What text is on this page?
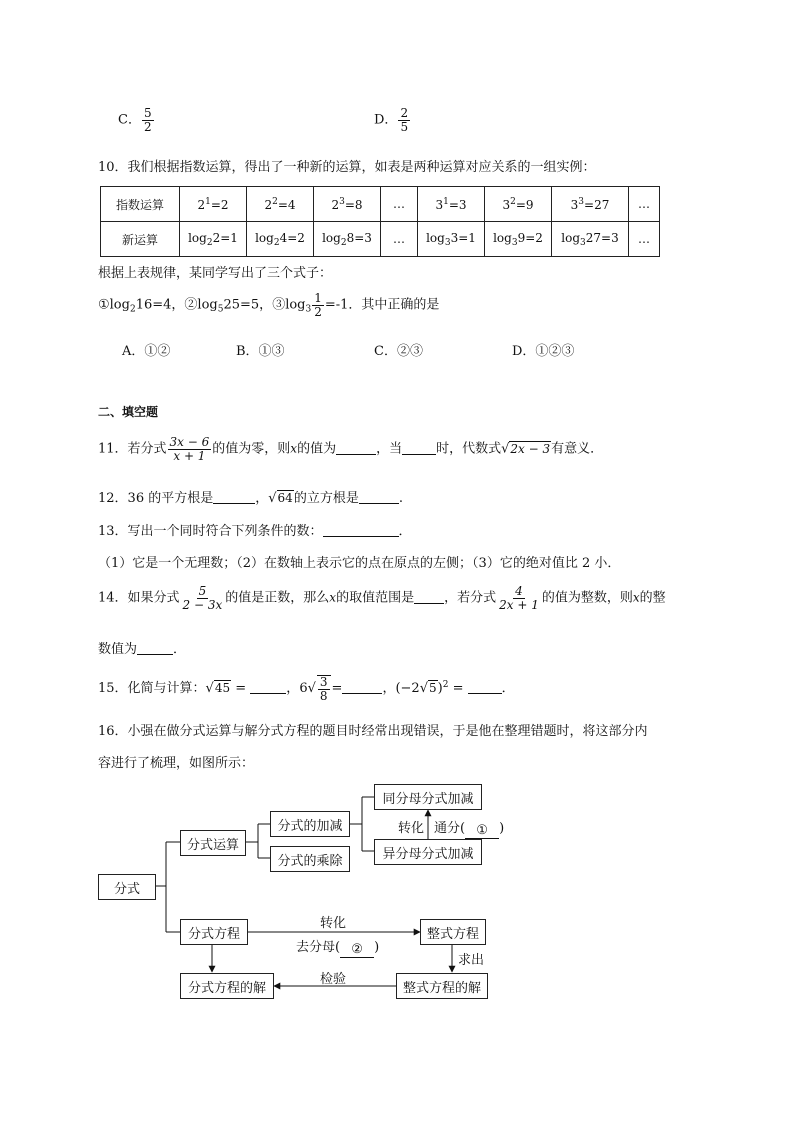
C． $\frac{5}{2}$	D． $\frac{2}{5}$
10．我们根据指数运算，得出了一种新的运算，如表是两种运算对应关系的一组实例：
指数运算	$2^1=2$	$2^2=4$	$2^3=8$	…	$3^1=3$	$3^2=9$	$3^3=27$	…
新运算	$\log_22=1$	$\log_24=2$	$\log_28=3$	…	$\log_33=1$	$\log_39=2$	$\log_327=3$	…
根据上表规律，某同学写出了三个式子：
$①\log_216=4$，$②\log_525=5$，$③\log_3 \frac{1}{2} =-1$．其中正确的是
A．①②	B．①③	C．②③	D．①②③
二、填空题
11．若分式 $\frac{3x - 6}{x + 1}$ 的值为零，则x的值为	，当	时，代数式√2x − 3有意义．
12．36 的平方根是	，√64的立方根是	.
13．写出一个同时符合下列条件的数：	．
（1）它是一个无理数；（2）在数轴上表示它的点在原点的左侧；（3）它的绝对值比 2 小．
14．如果分式 $\frac{5}{2 - 3x}$ 的值是正数，那么x的取值范围是 ，若分式 $\frac{4}{2x + 1}$ 的值为整数，则x的整
数值为	．
15．化简与计算：√45 =	，$6√ \frac{3}{8}$ =	，$(-2√5)^2$ =	．
16．小强在做分式运算与解分式方程的题目时经常出现错误，于是他在整理错题时，将这部分内
容进行了梳理，如图所示：
分式
分式运算
分式的加减
分式的乘除
同分母分式加减
异分母分式加减
分式方程	整式方程
整式方程的解
分式方程的解
转化 通分( ① )
转化
去分母( ② )
求出
检验
